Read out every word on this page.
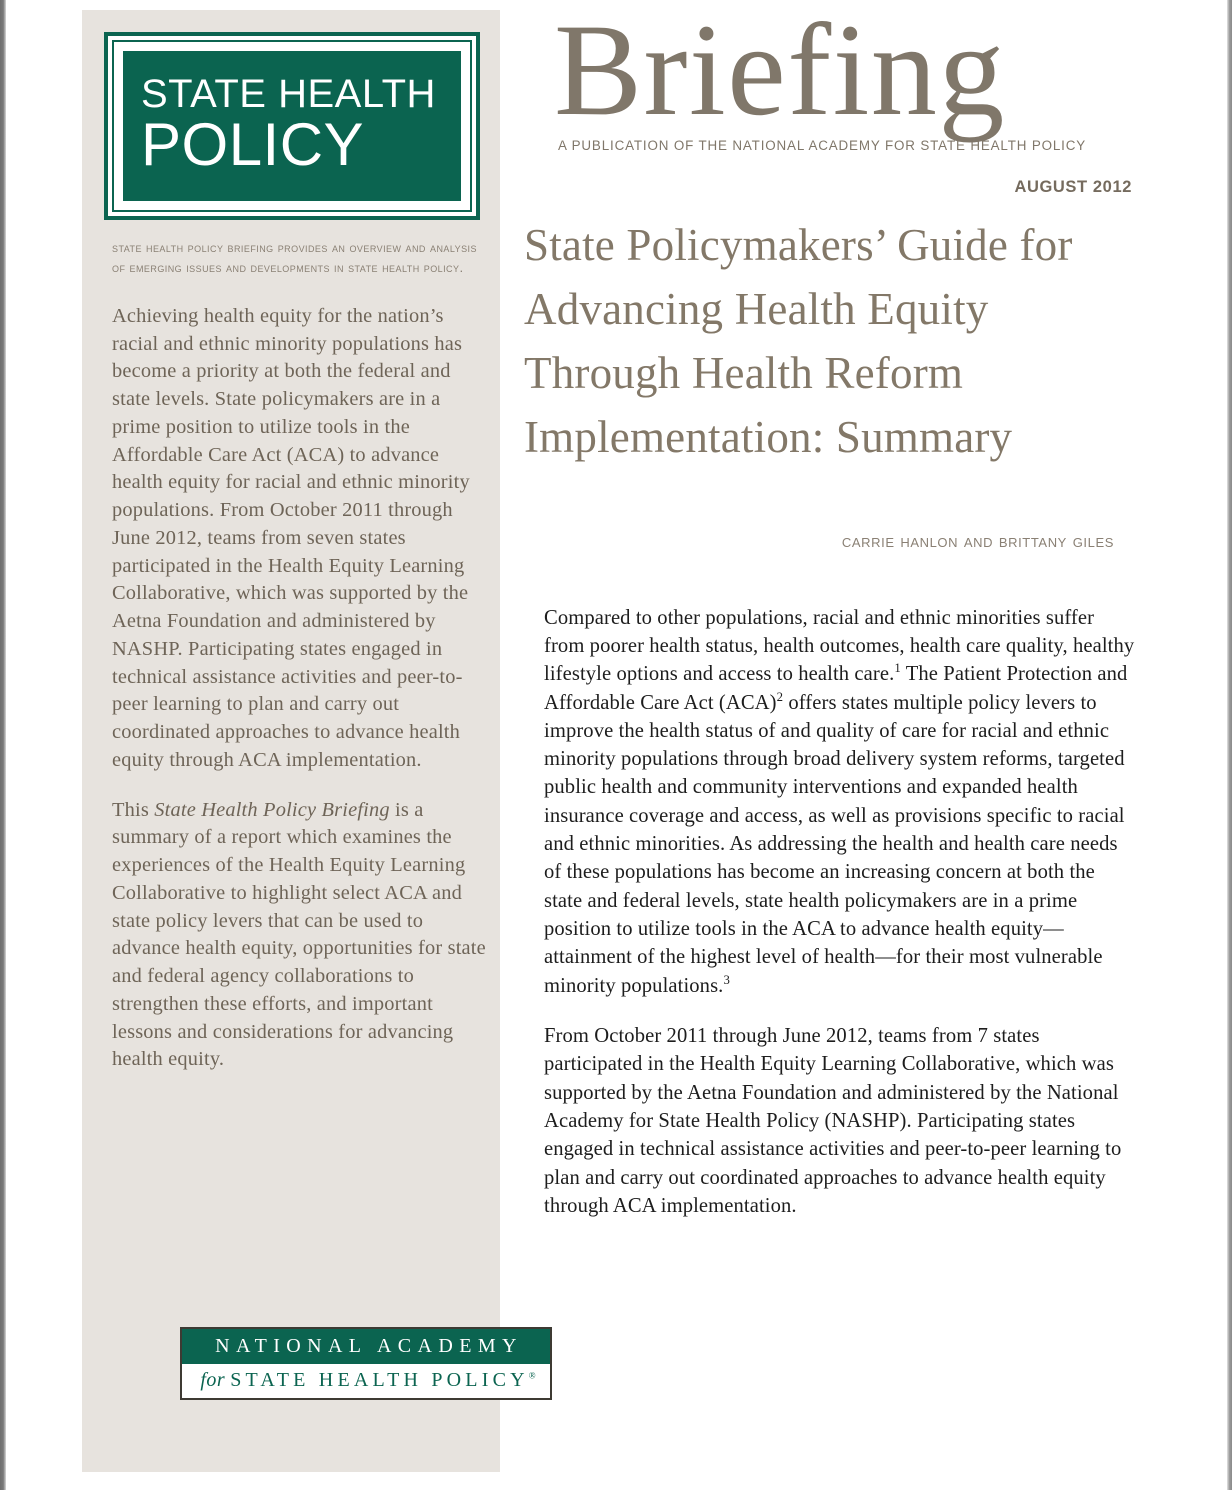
STATE HEALTH
POLICY
state health policy briefing provides an overview and analysis of emerging issues and developments in state health policy.

Achieving health equity for the nation’s racial and ethnic minority populations has become a priority at both the federal and state levels. State policymakers are in a prime position to utilize tools in the Affordable Care Act (ACA) to advance health equity for racial and ethnic minority populations. From October 2011 through June 2012, teams from seven states participated in the Health Equity Learning Collaborative, which was supported by the Aetna Foundation and administered by NASHP. Participating states engaged in technical assistance activities and peer-to-peer learning to plan and carry out coordinated approaches to advance health equity through ACA implementation.

This State Health Policy Briefing is a summary of a report which examines the experiences of the Health Equity Learning Collaborative to highlight select ACA and state policy levers that can be used to advance health equity, opportunities for state and federal agency collaborations to strengthen these efforts, and important lessons and considerations for advancing health equity.

NATIONAL ACADEMY
for STATE HEALTH POLICY®
Briefing
A PUBLICATION OF THE NATIONAL ACADEMY FOR STATE HEALTH POLICY
AUGUST 2012
State Policymakers’ Guide for Advancing Health Equity Through Health Reform Implementation: Summary
carrie hanlon and brittany giles

Compared to other populations, racial and ethnic minorities suffer from poorer health status, health outcomes, health care quality, healthy lifestyle options and access to health care.$^1$ The Patient Protection and Affordable Care Act (ACA)$^2$ offers states multiple policy levers to improve the health status of and quality of care for racial and ethnic minority populations through broad delivery system reforms, targeted public health and community interventions and expanded health insurance coverage and access, as well as provisions specific to racial and ethnic minorities. As addressing the health and health care needs of these populations has become an increasing concern at both the state and federal levels, state health policymakers are in a prime position to utilize tools in the ACA to advance health equity—attainment of the highest level of health—for their most vulnerable minority populations.$^3$

From October 2011 through June 2012, teams from 7 states participated in the Health Equity Learning Collaborative, which was supported by the Aetna Foundation and administered by the National Academy for State Health Policy (NASHP). Participating states engaged in technical assistance activities and peer-to-peer learning to plan and carry out coordinated approaches to advance health equity through ACA implementation.
